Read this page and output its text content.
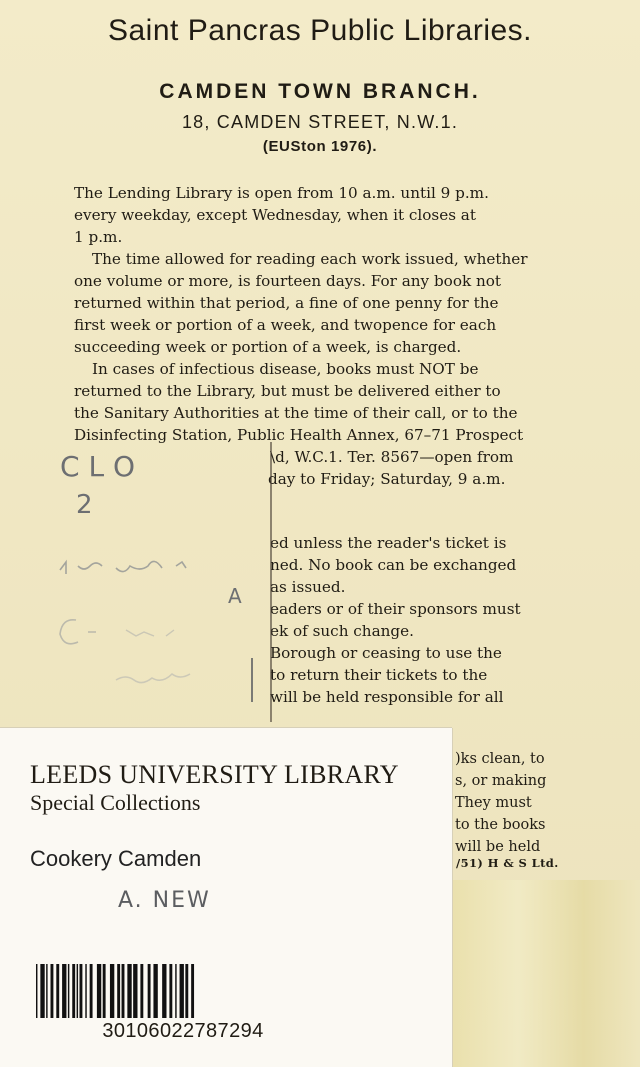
Saint Pancras Public Libraries.
CAMDEN TOWN BRANCH.
18, CAMDEN STREET, N.W.1.
(EUSton 1976).

The Lending Library is open from 10 a.m. until 9 p.m.

every weekday, except Wednesday, when it closes at

1 p.m.

The time allowed for reading each work issued, whether

one volume or more, is fourteen days. For any book not

returned within that period, a fine of one penny for the

first week or portion of a week, and twopence for each

succeeding week or portion of a week, is charged.

In cases of infectious disease, books must NOT be

returned to the Library, but must be delivered either to

the Sanitary Authorities at the time of their call, or to the

Disinfecting Station, Public Health Annex, 67–71 Prospect

\d, W.C.1. Ter. 8567—open from
day to Friday; Saturday, 9 a.m.
ed unless the reader's ticket is
ned. No book can be exchanged
as issued.
eaders or of their sponsors must
ek of such change.
Borough or ceasing to use the
to return their tickets to the
will be held responsible for all
C L O
2
A
)ks clean, to
s, or making
They must
to the books
will be held
/51) H & S Ltd.
LEEDS UNIVERSITY LIBRARY
Special Collections
Cookery Camden
A. NEW
30106022787294
